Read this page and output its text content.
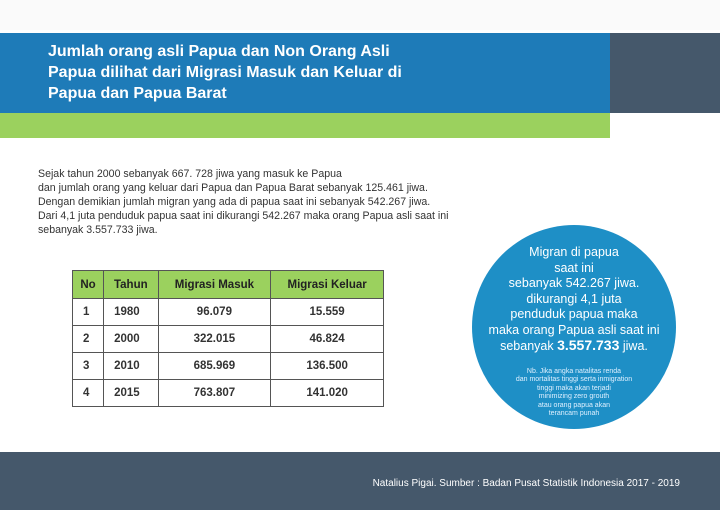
Jumlah orang asli Papua dan Non Orang Asli Papua dilihat dari Migrasi Masuk dan Keluar di Papua dan Papua Barat
Sejak tahun 2000 sebanyak 667. 728 jiwa yang masuk ke Papua
dan jumlah orang yang keluar dari Papua dan Papua Barat sebanyak 125.461 jiwa.
Dengan demikian jumlah migran yang ada di papua saat ini sebanyak 542.267 jiwa.
Dari 4,1 juta penduduk papua saat ini dikurangi 542.267 maka orang Papua asli saat ini
sebanyak 3.557.733 jiwa.
No	Tahun	Migrasi Masuk	Migrasi Keluar
1	1980	96.079	15.559
2	2000	322.015	46.824
3	2010	685.969	136.500
4	2015	763.807	141.020
Migran di papua
saat ini
sebanyak 542.267 jiwa.
dikurangi 4,1 juta
penduduk papua maka
maka orang Papua asli saat ini
sebanyak 3.557.733 jiwa.
Nb. Jika angka natalitas renda
dan mortalitas tinggi serta inmigration
tinggi maka akan terjadi
minimizing zero grouth
atau orang papua akan
terancam punah
Natalius Pigai. Sumber : Badan Pusat Statistik Indonesia 2017 - 2019
